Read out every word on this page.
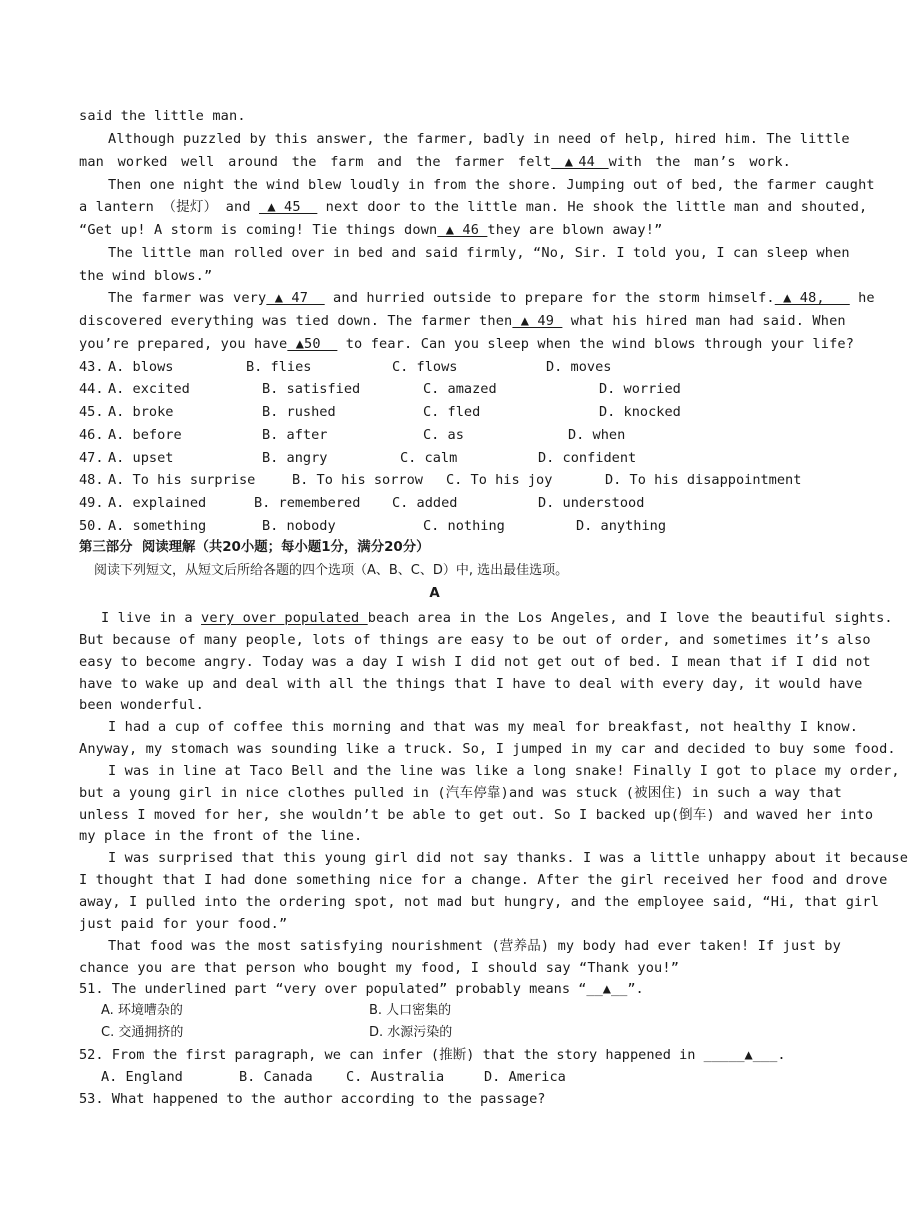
said the little man.
Although puzzled by this answer, the farmer, badly in need of help, hired him. The little
man worked well around the farm and the farmer felt ▲44 with the man’s work.
Then one night the wind blew loudly in from the shore. Jumping out of bed, the farmer caught
a lantern （提灯） and  ▲ 45   next door to the little man. He shook the little man and shouted,
“Get up! A storm is coming! Tie things down ▲ 46 they are blown away!”
The little man rolled over in bed and said firmly, “No, Sir. I told you, I can sleep when
the wind blows.”
The farmer was very ▲ 47   and hurried outside to prepare for the storm himself. ▲ 48,    he
discovered everything was tied down. The farmer then ▲ 49  what his hired man had said. When
you’re prepared, you have ▲50   to fear. Can you sleep when the wind blows through your life?
43. A. blows	B. flies	C. flows	D. moves
44. A. excited	B. satisfied	C. amazed	D. worried
45. A. broke	B. rushed	C. fled	D. knocked
46. A. before	B. after	C. as	D. when
47. A. upset	B. angry	C. calm	D. confident
48. A. To his surprise	B. To his sorrow C. To his joy	D. To his disappointment
49. A. explained	B. remembered C. added	D. understood
50. A. something	B. nobody	C. nothing	D. anything
第三部分  阅读理解（共20小题；每小题1分，满分20分）
阅读下列短文，从短文后所给各题的四个选项（A、B、C、D）中, 选出最佳选项。
A
I live in a very over populated beach area in the Los Angeles, and I love the beautiful sights.
But because of many people, lots of things are easy to be out of order, and sometimes it’s also
easy to become angry. Today was a day I wish I did not get out of bed. I mean that if I did not
have to wake up and deal with all the things that I have to deal with every day, it would have
been wonderful.
I had a cup of coffee this morning and that was my meal for breakfast, not healthy I know.
Anyway, my stomach was sounding like a truck. So, I jumped in my car and decided to buy some food.
I was in line at Taco Bell and the line was like a long snake! Finally I got to place my order,
but a young girl in nice clothes pulled in (汽车停靠)and was stuck (被困住) in such a way that
unless I moved for her, she wouldn’t be able to get out. So I backed up(倒车) and waved her into
my place in the front of the line.
I was surprised that this young girl did not say thanks. I was a little unhappy about it because
I thought that I had done something nice for a change. After the girl received her food and drove
away, I pulled into the ordering spot, not mad but hungry, and the employee said, “Hi, that girl
just paid for your food.”
That food was the most satisfying nourishment (营养品) my body had ever taken! If just by
chance you are that person who bought my food, I should say “Thank you!”
51. The underlined part “very over populated” probably means “__▲__”.
A. 环境嘈杂的	B. 人口密集的
C. 交通拥挤的	D. 水源污染的
52. From the first paragraph, we can infer (推断) that the story happened in _____▲___.
A. England	B. Canada C. Australia	D. America
53. What happened to the author according to the passage?
